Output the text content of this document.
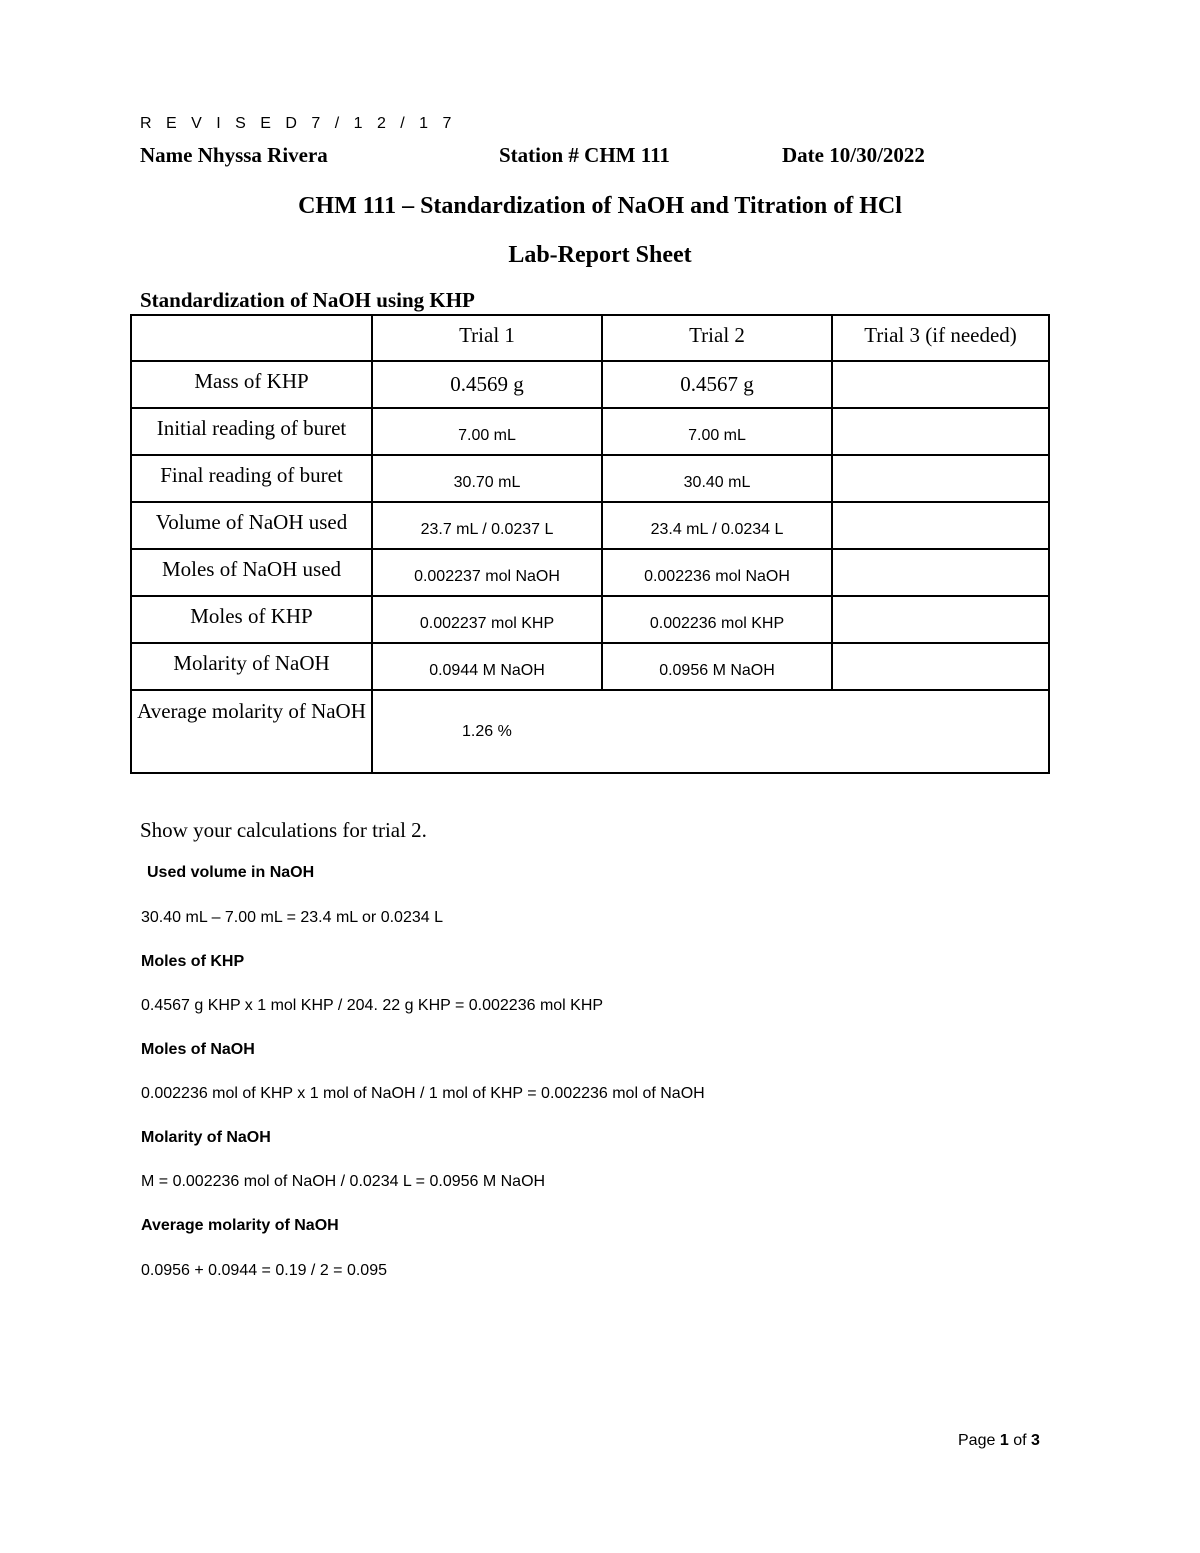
R E V I S E D 7 / 1 2 / 1 7
Name Nhyssa Rivera	Station # CHM 111	Date 10/30/2022
CHM 111 – Standardization of NaOH and Titration of HCl
Lab-Report Sheet
Standardization of NaOH using KHP
	Trial 1	Trial 2	Trial 3 (if needed)
Mass of KHP	0.4569 g	0.4567 g	
Initial reading of buret	7.00 mL	7.00 mL	
Final reading of buret	30.70 mL	30.40 mL	
Volume of NaOH used	23.7 mL / 0.0237 L	23.4 mL / 0.0234 L	
Moles of NaOH used	0.002237 mol NaOH	0.002236 mol NaOH	
Moles of KHP	0.002237 mol KHP	0.002236 mol KHP	
Molarity of NaOH	0.0944 M NaOH	0.0956 M NaOH	
Average molarity of NaOH	1.26 %		
Show your calculations for trial 2.
Used volume in NaOH
30.40 mL – 7.00 mL = 23.4 mL or 0.0234 L
Moles of KHP
0.4567 g KHP x 1 mol KHP / 204. 22 g KHP = 0.002236 mol KHP
Moles of NaOH
0.002236 mol of KHP x 1 mol of NaOH / 1 mol of KHP = 0.002236 mol of NaOH
Molarity of NaOH
M = 0.002236 mol of NaOH / 0.0234 L = 0.0956 M NaOH
Average molarity of NaOH
0.0956 + 0.0944 = 0.19 / 2 = 0.095
Page 1 of 3
